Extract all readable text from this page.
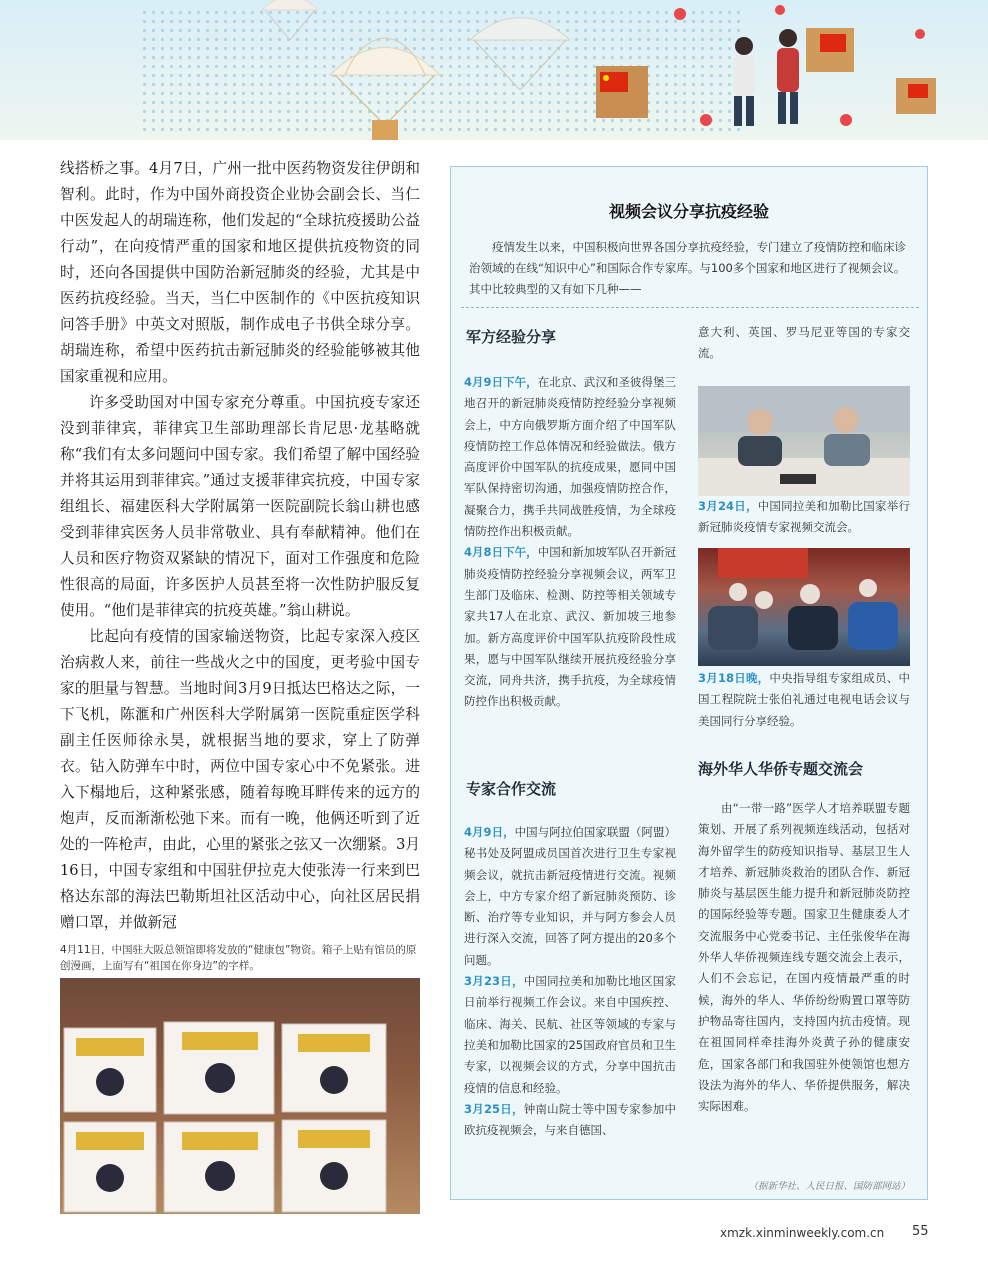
线搭桥之事。4月7日，广州一批中医药物资发往伊朗和智利。此时，作为中国外商投资企业协会副会长、当仁中医发起人的胡瑞连称，他们发起的“全球抗疫援助公益行动”，在向疫情严重的国家和地区提供抗疫物资的同时，还向各国提供中国防治新冠肺炎的经验，尤其是中医药抗疫经验。当天，当仁中医制作的《中医抗疫知识问答手册》中英文对照版，制作成电子书供全球分享。胡瑞连称，希望中医药抗击新冠肺炎的经验能够被其他国家重视和应用。

许多受助国对中国专家充分尊重。中国抗疫专家还没到菲律宾，菲律宾卫生部助理部长肯尼思·龙基略就称“我们有太多问题问中国专家。我们希望了解中国经验并将其运用到菲律宾。”通过支援菲律宾抗疫，中国专家组组长、福建医科大学附属第一医院副院长翁山耕也感受到菲律宾医务人员非常敬业、具有奉献精神。他们在人员和医疗物资双紧缺的情况下，面对工作强度和危险性很高的局面，许多医护人员甚至将一次性防护服反复使用。“他们是菲律宾的抗疫英雄。”翁山耕说。

比起向有疫情的国家输送物资，比起专家深入疫区治病救人来，前往一些战火之中的国度，更考验中国专家的胆量与智慧。当地时间3月9日抵达巴格达之际，一下飞机，陈滙和广州医科大学附属第一医院重症医学科副主任医师徐永昊，就根据当地的要求，穿上了防弹衣。钻入防弹车中时，两位中国专家心中不免紧张。进入下榻地后，这种紧张感，随着每晚耳畔传来的远方的炮声，反而渐渐松弛下来。而有一晚，他俩还听到了近处的一阵枪声，由此，心里的紧张之弦又一次绷紧。3月16日，中国专家组和中国驻伊拉克大使张涛一行来到巴格达东部的海法巴勒斯坦社区活动中心，向社区居民捐赠口罩，并做新冠

4月11日，中国驻大阪总领馆即将发放的“健康包”物资。箱子上贴有馆员的原创漫画，上面写有“祖国在你身边”的字样。
视频会议分享抗疫经验
疫情发生以来，中国积极向世界各国分享抗疫经验，专门建立了疫情防控和临床诊治领域的在线“知识中心”和国际合作专家库。与100多个国家和地区进行了视频会议。其中比较典型的又有如下几种——
军方经验分享

4月9日下午，在北京、武汉和圣彼得堡三地召开的新冠肺炎疫情防控经验分享视频会上，中方向俄罗斯方面介绍了中国军队疫情防控工作总体情况和经验做法。俄方高度评价中国军队的抗疫成果，愿同中国军队保持密切沟通，加强疫情防控合作，凝聚合力，携手共同战胜疫情，为全球疫情防控作出积极贡献。

4月8日下午，中国和新加坡军队召开新冠肺炎疫情防控经验分享视频会议，两军卫生部门及临床、检测、防控等相关领域专家共17人在北京、武汉、新加坡三地参加。新方高度评价中国军队抗疫阶段性成果，愿与中国军队继续开展抗疫经验分享交流，同舟共济，携手抗疫，为全球疫情防控作出积极贡献。

专家合作交流

4月9日，中国与阿拉伯国家联盟（阿盟）秘书处及阿盟成员国首次进行卫生专家视频会议，就抗击新冠疫情进行交流。视频会上，中方专家介绍了新冠肺炎预防、诊断、治疗等专业知识，并与阿方参会人员进行深入交流，回答了阿方提出的20多个问题。

3月23日，中国同拉美和加勒比地区国家日前举行视频工作会议。来自中国疾控、临床、海关、民航、社区等领域的专家与拉美和加勒比国家的25国政府官员和卫生专家，以视频会议的方式，分享中国抗击疫情的信息和经验。

3月25日，钟南山院士等中国专家参加中欧抗疫视频会，与来自德国、

意大利、英国、罗马尼亚等国的专家交流。

3月24日，中国同拉美和加勒比国家举行新冠肺炎疫情专家视频交流会。

3月18日晚，中央指导组专家组成员、中国工程院院士张伯礼通过电视电话会议与美国同行分享经验。

海外华人华侨专题交流会

由“一带一路”医学人才培养联盟专题策划、开展了系列视频连线活动，包括对海外留学生的防疫知识指导、基层卫生人才培养、新冠肺炎救治的团队合作、新冠肺炎与基层医生能力提升和新冠肺炎防控的国际经验等专题。国家卫生健康委人才交流服务中心党委书记、主任张俊华在海外华人华侨视频连线专题交流会上表示，人们不会忘记，在国内疫情最严重的时候，海外的华人、华侨纷纷购置口罩等防护物品寄往国内，支持国内抗击疫情。现在祖国同样牵挂海外炎黄子孙的健康安危，国家各部门和我国驻外使领馆也想方设法为海外的华人、华侨提供服务，解决实际困难。

（据新华社、人民日报、国防部网站）
xmzk.xinminweekly.com.cn 55
